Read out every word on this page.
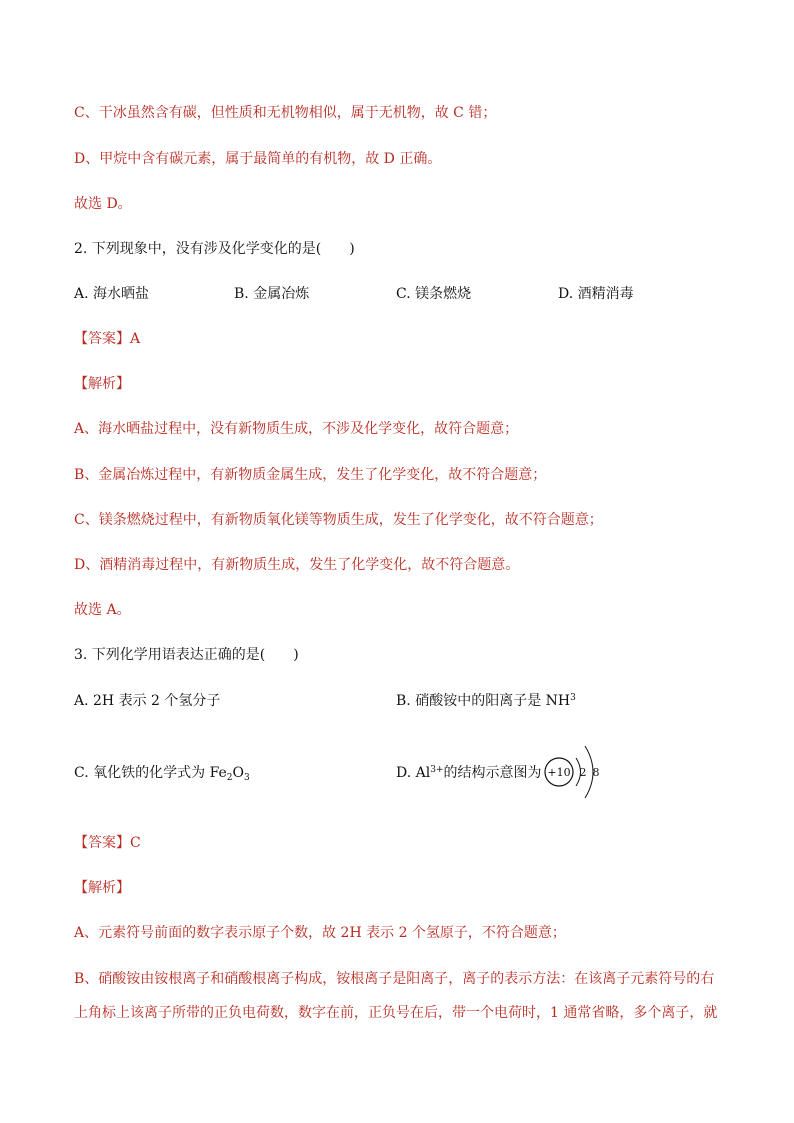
C、干冰虽然含有碳，但性质和无机物相似，属于无机物，故 C 错；
D、甲烷中含有碳元素，属于最简单的有机物，故 D 正确。
故选 D。
2. 下列现象中，没有涉及化学变化的是(　　)
A. 海水晒盐	B. 金属冶炼	C. 镁条燃烧	D. 酒精消毒
【答案】A
【解析】
A、海水晒盐过程中，没有新物质生成，不涉及化学变化，故符合题意；
B、金属冶炼过程中，有新物质金属生成，发生了化学变化，故不符合题意；
C、镁条燃烧过程中，有新物质氧化镁等物质生成，发生了化学变化，故不符合题意；
D、酒精消毒过程中，有新物质生成，发生了化学变化，故不符合题意。
故选 A。
3. 下列化学用语表达正确的是(　　)
A. 2H 表示 2 个氢分子	B. 硝酸铵中的阳离子是 $NH^3$
C. 氧化铁的化学式为 $Fe_2O_3$	D. $Al^{3+}$的结构示意图为 +10 2 8
【答案】C
【解析】
A、元素符号前面的数字表示原子个数，故 2H 表示 2 个氢原子，不符合题意；
B、硝酸铵由铵根离子和硝酸根离子构成，铵根离子是阳离子，离子的表示方法：在该离子元素符号的右
上角标上该离子所带的正负电荷数，数字在前，正负号在后，带一个电荷时，1 通常省略，多个离子，就
